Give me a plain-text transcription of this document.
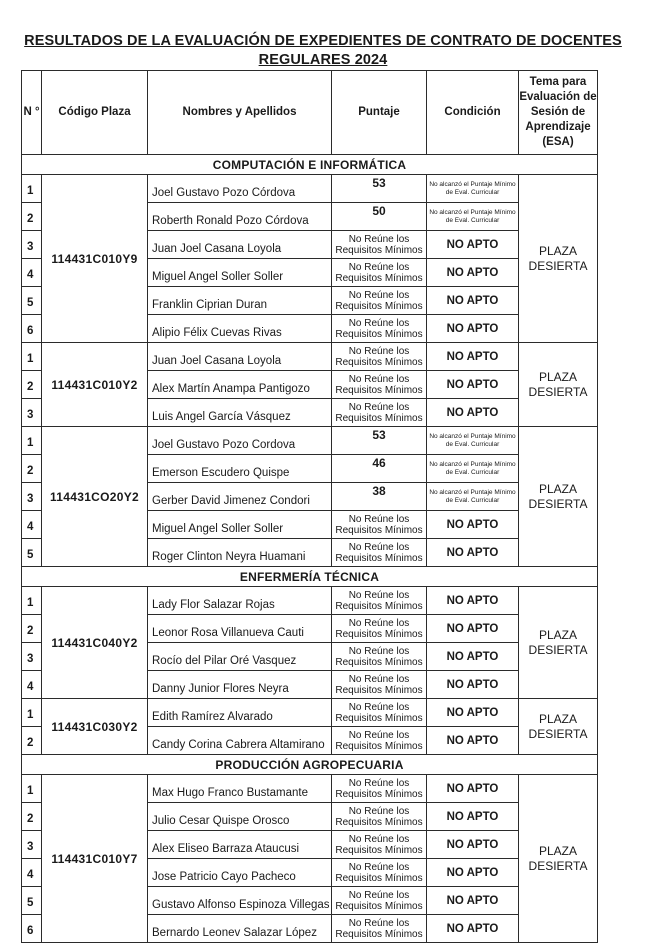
RESULTADOS DE LA EVALUACIÓN DE EXPEDIENTES DE CONTRATO DE DOCENTES
REGULARES 2024
N °	Código Plaza	Nombres y Apellidos	Puntaje	Condición	Tema para Evaluación de Sesión de Aprendizaje (ESA)
COMPUTACIÓN E INFORMÁTICA					
1	114431C010Y9	Joel Gustavo Pozo Córdova	53	No alcanzó el Puntaje Mínimo de Eval. Curricular	PLAZA DESIERTA
2		Roberth Ronald Pozo Córdova	50	No alcanzó el Puntaje Mínimo de Eval. Curricular	
3		Juan Joel Casana Loyola	No Reúne los Requisitos Mínimos	NO APTO	
4		Miguel Angel Soller Soller	No Reúne los Requisitos Mínimos	NO APTO	
5		Franklin Ciprian Duran	No Reúne los Requisitos Mínimos	NO APTO	
6		Alipio Félix Cuevas Rivas	No Reúne los Requisitos Mínimos	NO APTO	
1	114431C010Y2	Juan Joel Casana Loyola	No Reúne los Requisitos Mínimos	NO APTO	PLAZA DESIERTA
2		Alex Martín Anampa Pantigozo	No Reúne los Requisitos Mínimos	NO APTO	
3		Luis Angel García Vásquez	No Reúne los Requisitos Mínimos	NO APTO	
1	114431CO20Y2	Joel Gustavo Pozo Cordova	53	No alcanzó el Puntaje Mínimo de Eval. Curricular	PLAZA DESIERTA
2		Emerson Escudero Quispe	46	No alcanzó el Puntaje Mínimo de Eval. Curricular	
3		Gerber David Jimenez Condori	38	No alcanzó el Puntaje Mínimo de Eval. Curricular	
4		Miguel Angel Soller Soller	No Reúne los Requisitos Mínimos	NO APTO	
5		Roger Clinton Neyra Huamani	No Reúne los Requisitos Mínimos	NO APTO	
ENFERMERÍA TÉCNICA					
1	114431C040Y2	Lady Flor Salazar Rojas	No Reúne los Requisitos Mínimos	NO APTO	PLAZA DESIERTA
2		Leonor Rosa Villanueva Cauti	No Reúne los Requisitos Mínimos	NO APTO	
3		Rocío del Pilar Oré Vasquez	No Reúne los Requisitos Mínimos	NO APTO	
4		Danny Junior Flores Neyra	No Reúne los Requisitos Mínimos	NO APTO	
1	114431C030Y2	Edith Ramírez Alvarado	No Reúne los Requisitos Mínimos	NO APTO	PLAZA DESIERTA
2		Candy Corina Cabrera Altamirano	No Reúne los Requisitos Mínimos	NO APTO	
PRODUCCIÓN AGROPECUARIA					
1	114431C010Y7	Max Hugo Franco Bustamante	No Reúne los Requisitos Mínimos	NO APTO	PLAZA DESIERTA
2		Julio Cesar Quispe Orosco	No Reúne los Requisitos Mínimos	NO APTO	
3		Alex Eliseo Barraza Ataucusi	No Reúne los Requisitos Mínimos	NO APTO	
4		Jose Patricio Cayo Pacheco	No Reúne los Requisitos Mínimos	NO APTO	
5		Gustavo Alfonso Espinoza Villegas	No Reúne los Requisitos Mínimos	NO APTO	
6		Bernardo Leonev Salazar López	No Reúne los Requisitos Mínimos	NO APTO	
